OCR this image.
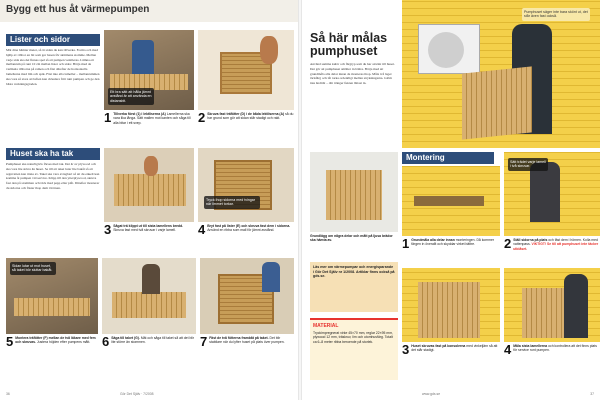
Bygg ett hus åt värmepumpen
Lister och sidor
Mät dina hämter meter, så är sidan du kan tillverka. Forma och med hjälp av ribbor en bit som ger basen för skärmens stomme. Mellan varje sida ska det finnas spel så att pumpen ventileras. Lämna ett mellanrum på runt 10 cm mellan lister och sidor. Börja med de vertikala ribborna på ramen och fäst därefter de horisontella lamellerna med lim och spik. Fäst inte alla lameller – mellanrummen ska vara så stora att luften kan cirkulera fritt runt pumpen och ge den bästa verkningsgraden.
Ett bra sätt att hålla jämnt avstånd är att använda en distansbit.
1 Tillverka först (1) i lektliserna (A) Lamellerna ska vara lika långa. Sätt mallen mot kanten och såga till alla bitar i ett svep.	2 Skruva fast träfötter (D) i de båda lektliserna (A) så du har grund som gör att sidan står stadigt och rakt.
Huset ska ha tak
Pumphuset ska naturligtvis förses med tak. Det är av plywood och ska vara lite större än huset. Se till att taket lutar lite bakåt så att regnvatten kan rinna av. Taket ska vara avtagbart så att du enkelt kan komma åt pumpen vid service. Klipp till den ytterplywood, skruva fast den på stommen och täck med papp eller plåt. Därefter monterar du sidorna och fäster ihop dem i hörnen.
Tryck ihop sidorna med tvingar när limmet torkar.
3 Sågat trä klippt ut till sista lamellens bredd. Skruva fast med två skruvar i varje lamell.	4 Bryt fast på lister (E) och skruva fast dem i sidorna. Använd en ribba som mall för jämnt avstånd.
Sidan lutar ut mot huset, så taket bör sluttar bakåt.
5 Montera träfötter (F) mellan de två läkare med fem och skruvas. Justera höjden efter pumpens mått. 6 Säga till taket (G). Mät och såga till taket så att det blir lite större än stommen.	7 Fäst de två fötterna frambåt på taket. Det blir stabilare när du lyfter huset på plats över pumpen.
36	Gör Det Själv · 7/2008
Pumphuset säger inte bara skönt ut, det står även fast också.
Så här målas pumphuset
Använd samma kulör och färgtyp som du har använt till huset. Det gör att pumphuset smälter in bättre. Börja med att grundmåla alla delar innan de monteras ihop. Måla två lager täckfärg och låt torka ordentligt mellan strykningarna. Glöm inte ändträt – där tränger fukten lättast in.
Grundlägg om några delar och mått på ljusa brädor ska hämta av.
Montering	Sätt trädet varje lamell i två skruvar.
1 Grundmåla alla delar innan monteringen. Då kommer färgen in överallt och skyddar virket bättre.	2 Ställ sidorna på plats och fäst dem i hörnen. Kolla med vattenpass. VIKTIGT! Se till att pumphuset inte täcker utblåset.
Läs mer om värmepumpar och energisparande i Gör Det Själv nr 1/2008. Artiklar finns också på gds.se.
MATERIAL
Tryckimpregnerat virke 45×70 mm, reglar 22×95 mm, plywood 12 mm, träskruv, lim och utomhusfärg. Totalt ca 6–8 meter ribba beroende på storlek.
3 Huset skruvas fast på konsolerna med vinkeljärn så att det står stadigt.	4 Måla sista lamellerna och kontrollera att det finns plats för service runt pumpen.
www.gds.se	37
